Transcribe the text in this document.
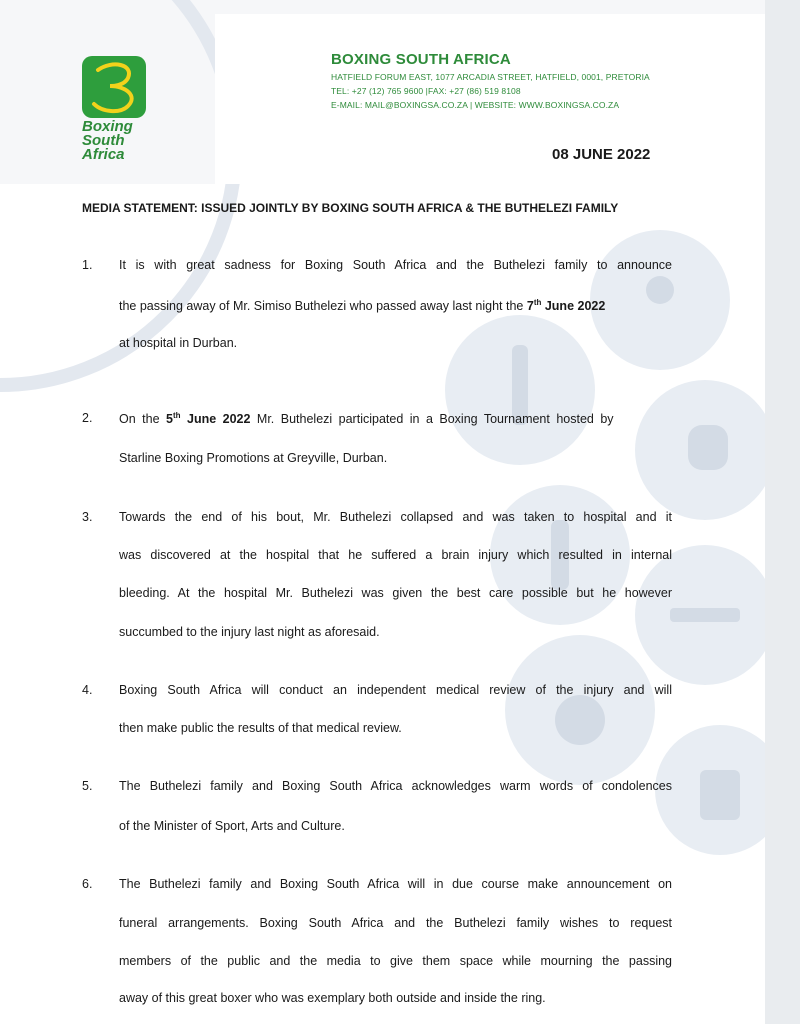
Boxing
South
Africa
BOXING SOUTH AFRICA
HATFIELD FORUM EAST, 1077 ARCADIA STREET, HATFIELD, 0001, PRETORIA
TEL: +27 (12) 765 9600 |FAX: +27 (86) 519 8108
E-MAIL: MAIL@BOXINGSA.CO.ZA | WEBSITE: WWW.BOXINGSA.CO.ZA
08 JUNE 2022
MEDIA STATEMENT: ISSUED JOINTLY BY BOXING SOUTH AFRICA & THE BUTHELEZI FAMILY
1. It is with great sadness for Boxing South Africa and the Buthelezi family to announce
the passing away of Mr. Simiso Buthelezi who passed away last night the 7th June 2022
at hospital in Durban.
2. On the 5th June 2022 Mr. Buthelezi participated in a Boxing Tournament hosted by
Starline Boxing Promotions at Greyville, Durban.
3. Towards the end of his bout, Mr. Buthelezi collapsed and was taken to hospital and it
was discovered at the hospital that he suffered a brain injury which resulted in internal
bleeding. At the hospital Mr. Buthelezi was given the best care possible but he however
succumbed to the injury last night as aforesaid.
4. Boxing South Africa will conduct an independent medical review of the injury and will
then make public the results of that medical review.
5. The Buthelezi family and Boxing South Africa acknowledges warm words of condolences
of the Minister of Sport, Arts and Culture.
6. The Buthelezi family and Boxing South Africa will in due course make announcement on
funeral arrangements. Boxing South Africa and the Buthelezi family wishes to request
members of the public and the media to give them space while mourning the passing
away of this great boxer who was exemplary both outside and inside the ring.
